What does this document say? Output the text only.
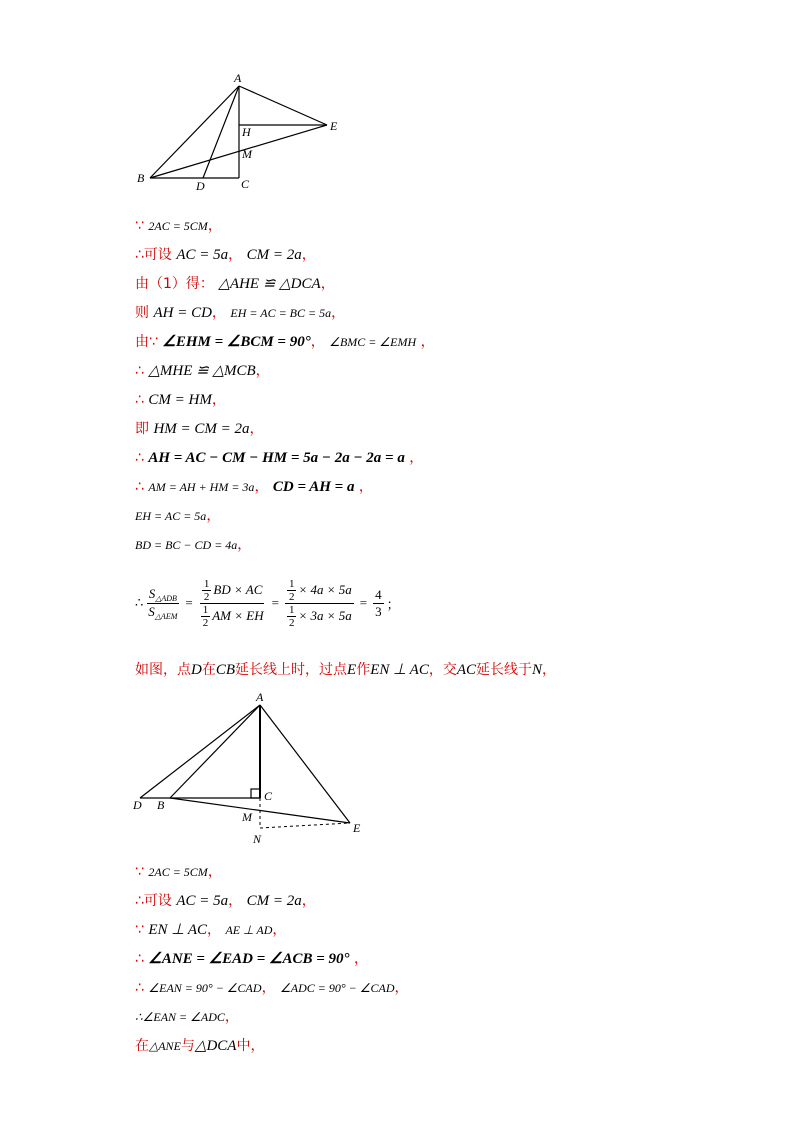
A
B	C
D
E
H
M
∵ 2AC = 5CM，
∴可设 AC = 5a， CM = 2a，
由（1）得： △AHE ≌ △DCA，
则 AH = CD， EH = AC = BC = 5a，
由∵ ∠EHM = ∠BCM = 90°， ∠BMC = ∠EMH ，
∴ △MHE ≌ △MCB，
∴ CM = HM，
即 HM = CM = 2a，
∴ AH = AC − CM − HM = 5a − 2a − 2a = a ，
∴ AM = AH + HM = 3a， CD = AH = a ，
EH = AC = 5a，
BD = BC − CD = 4a，
∴ $\frac{S_{\triangle ADB}}{S_{\triangle AEM}} = \frac{\frac{1}{2} BD \times AC}{\frac{1}{2} AM \times EH} = \frac{\frac{1}{2} \times 4a \times 5a}{\frac{1}{2} \times 3a \times 5a} = \frac{4}{3}$ ；
如图，点D在CB延长线上时，过点E作EN ⊥ AC，交AC延长线于N，
A
D B
C
M
N
E
∵ 2AC = 5CM，
∴可设 AC = 5a， CM = 2a，
∵ EN ⊥ AC， AE ⊥ AD，
∴ ∠ANE = ∠EAD = ∠ACB = 90° ，
∴ ∠EAN = 90° − ∠CAD， ∠ADC = 90° − ∠CAD，
∴∠EAN = ∠ADC，
在△ANE与△DCA中，
